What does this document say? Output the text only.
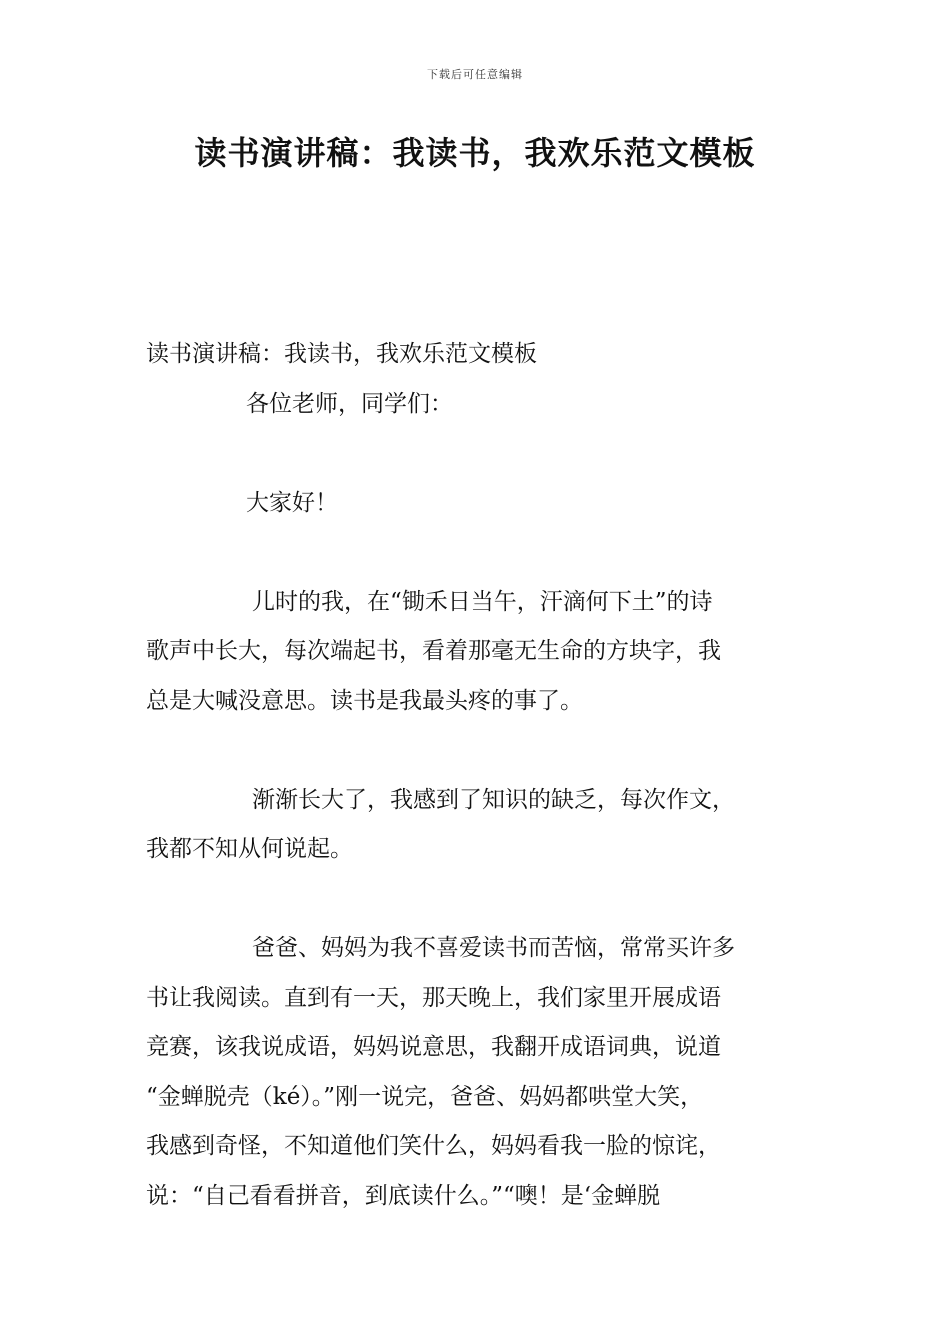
下载后可任意编辑
读书演讲稿：我读书，我欢乐范文模板

读书演讲稿：我读书，我欢乐范文模板

各位老师，同学们：

大家好！

儿时的我，在“锄禾日当午，汗滴何下土”的诗

歌声中长大，每次端起书，看着那毫无生命的方块字，我

总是大喊没意思。读书是我最头疼的事了。

渐渐长大了，我感到了知识的缺乏，每次作文，

我都不知从何说起。

爸爸、妈妈为我不喜爱读书而苦恼，常常买许多

书让我阅读。直到有一天，那天晚上，我们家里开展成语

竞赛，该我说成语，妈妈说意思，我翻开成语词典，说道

“金蝉脱壳（ké）。”刚一说完，爸爸、妈妈都哄堂大笑，

我感到奇怪，不知道他们笑什么，妈妈看我一脸的惊诧，

说：“自己看看拼音，到底读什么。”“噢！是‘金蝉脱
